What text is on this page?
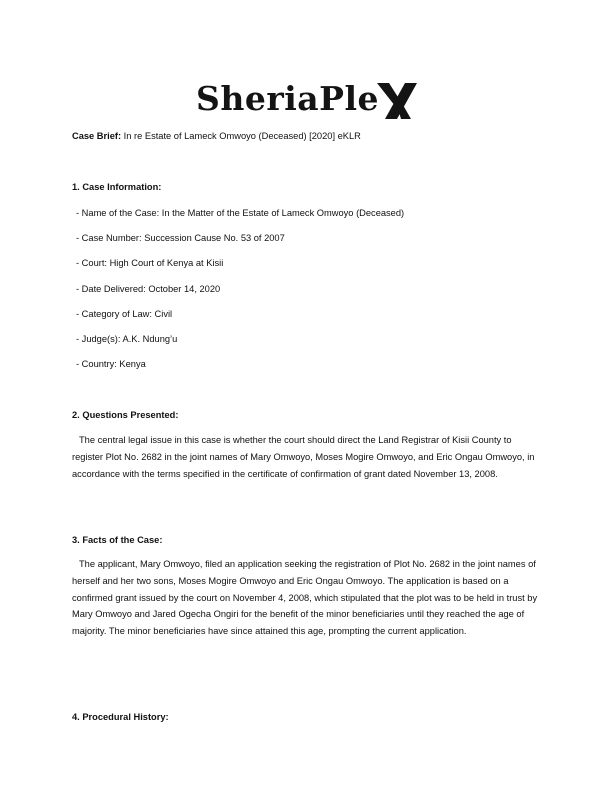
SheriaPle
Case Brief: In re Estate of Lameck Omwoyo (Deceased) [2020] eKLR
1. Case Information:
- Name of the Case: In the Matter of the Estate of Lameck Omwoyo (Deceased)
- Case Number: Succession Cause No. 53 of 2007
- Court: High Court of Kenya at Kisii
- Date Delivered: October 14, 2020
- Category of Law: Civil
- Judge(s): A.K. Ndung’u
- Country: Kenya
2. Questions Presented:

The central legal issue in this case is whether the court should direct the Land Registrar of Kisii County to register Plot No. 2682 in the joint names of Mary Omwoyo, Moses Mogire Omwoyo, and Eric Ongau Omwoyo, in accordance with the terms specified in the certificate of confirmation of grant dated November 13, 2008.

3. Facts of the Case:

The applicant, Mary Omwoyo, filed an application seeking the registration of Plot No. 2682 in the joint names of herself and her two sons, Moses Mogire Omwoyo and Eric Ongau Omwoyo. The application is based on a confirmed grant issued by the court on November 4, 2008, which stipulated that the plot was to be held in trust by Mary Omwoyo and Jared Ogecha Ongiri for the benefit of the minor beneficiaries until they reached the age of majority. The minor beneficiaries have since attained this age, prompting the current application.

4. Procedural History:
